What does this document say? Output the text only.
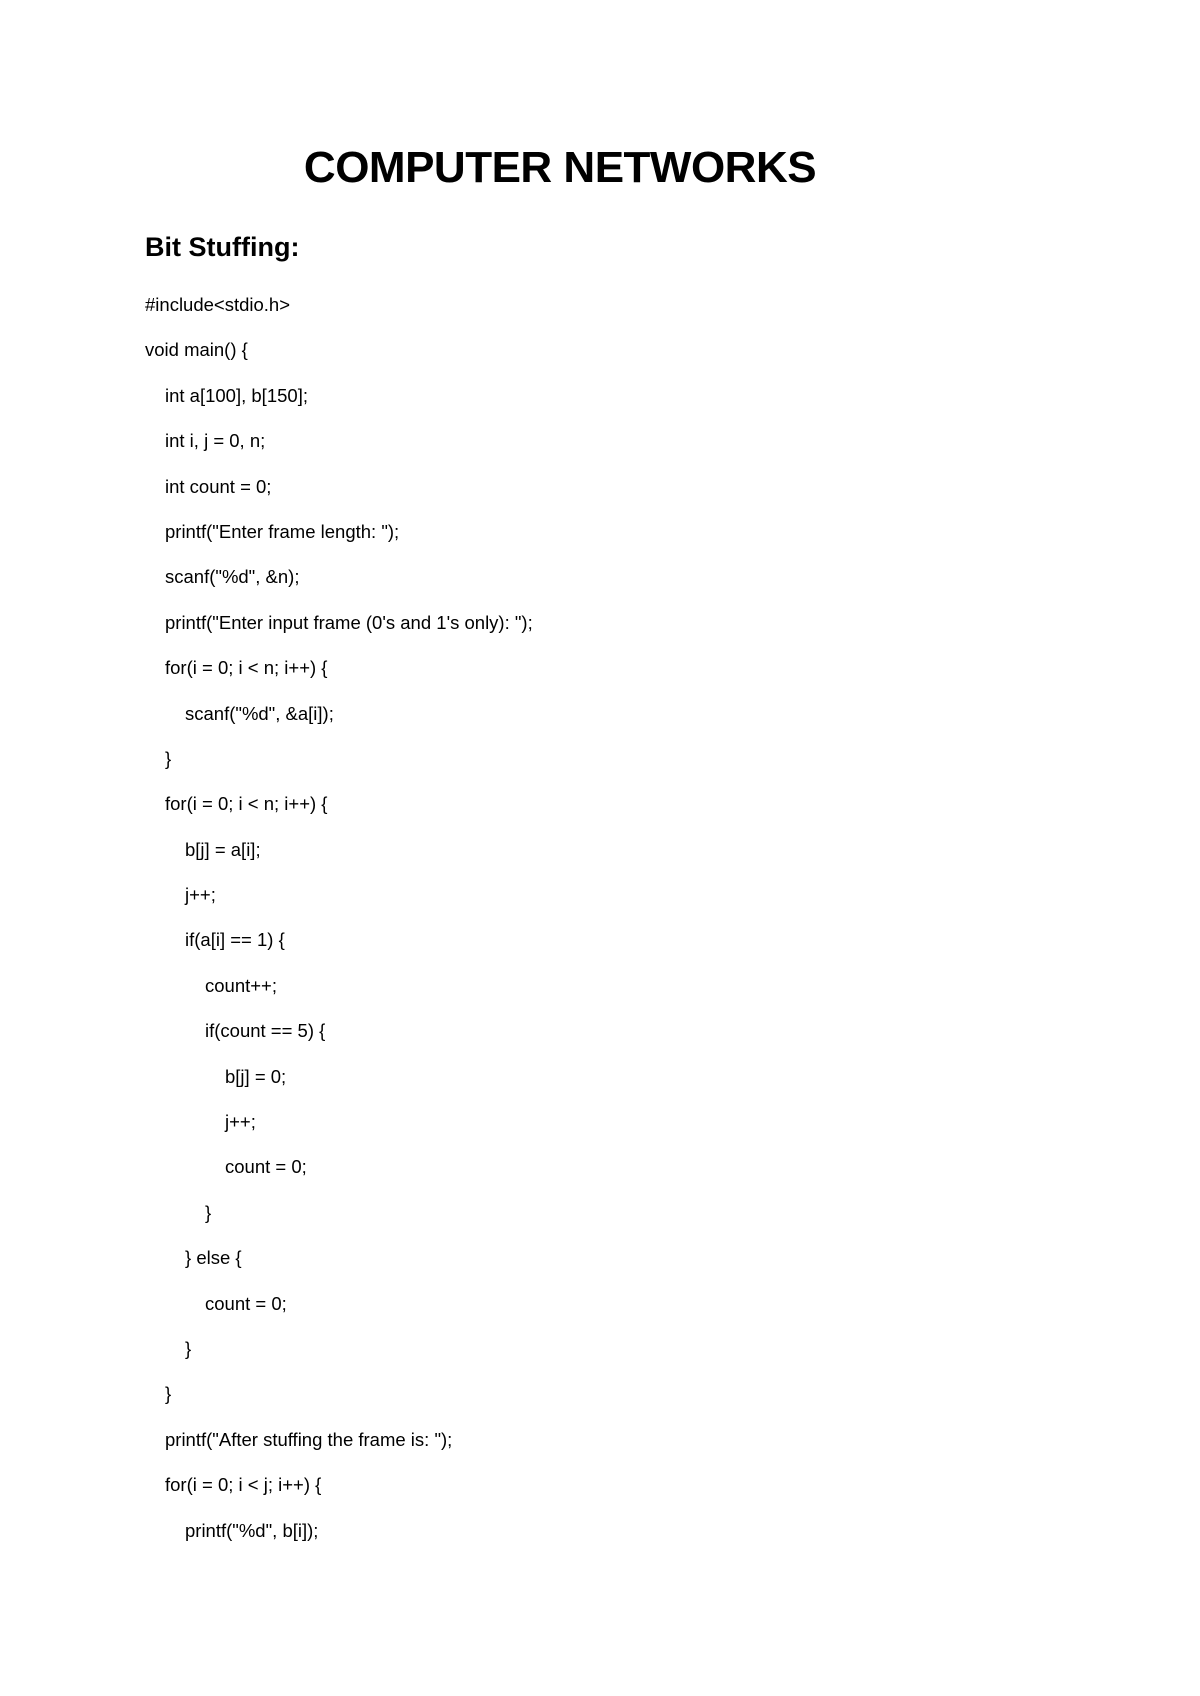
COMPUTER NETWORKS
Bit Stuffing:
#include<stdio.h>
void main() {
int a[100], b[150];
int i, j = 0, n;
int count = 0;
printf("Enter frame length: ");
scanf("%d", &n);
printf("Enter input frame (0's and 1's only): ");
for(i = 0; i < n; i++) {
scanf("%d", &a[i]);
}
for(i = 0; i < n; i++) {
b[j] = a[i];
j++;
if(a[i] == 1) {
count++;
if(count == 5) {
b[j] = 0;
j++;
count = 0;
}
} else {
count = 0;
}
}
printf("After stuffing the frame is: ");
for(i = 0; i < j; i++) {
printf("%d", b[i]);
